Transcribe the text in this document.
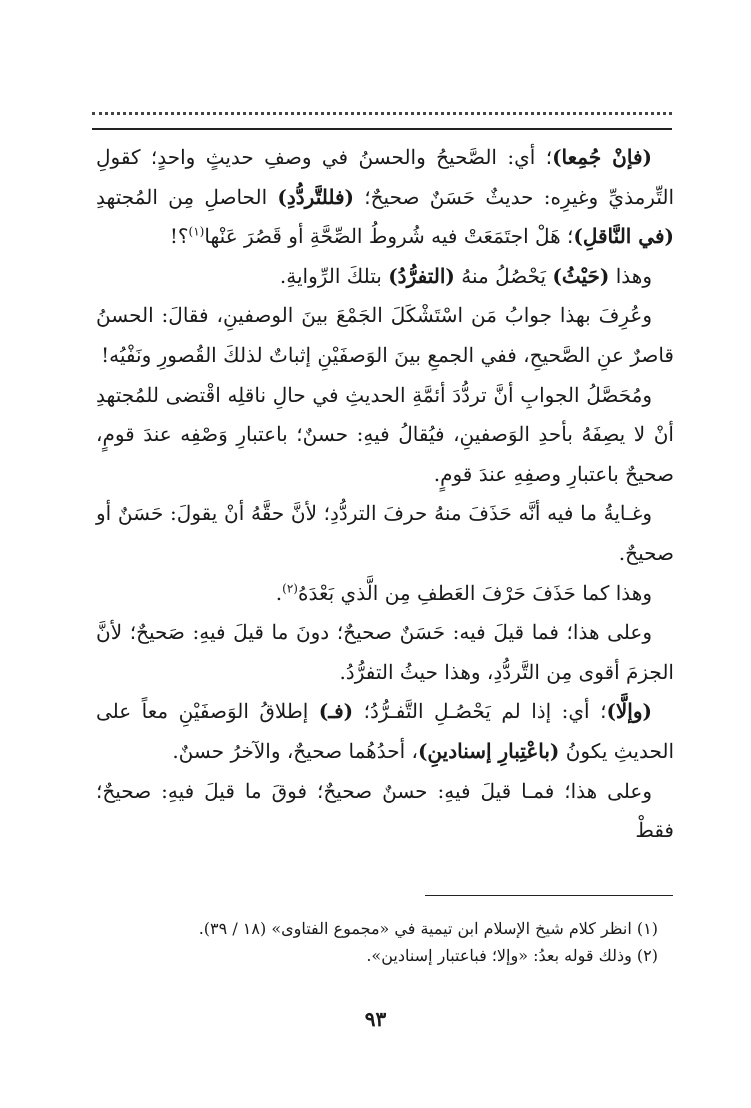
(فإنْ جُمِعا)؛ أي: الصَّحيحُ والحسنُ في وصفِ حديثٍ واحدٍ؛ كقولِ التِّرمذيِّ وغيرِه: حديثٌ حَسَنٌ صحيحٌ؛ (فللتَّردُّدِ) الحاصلِ مِن المُجتهدِ (في النَّاقلِ)؛ هَلْ اجتَمَعَتْ فيه شُروطُ الصِّحَّةِ أو قَصُرَ عَنْها$^{(١)}$؟!

وهذا (حَيْثُ) يَحْصُلُ منهُ (التفرُّدُ) بتلكَ الرِّوايةِ.

وعُرِفَ بهذا جوابُ مَن اسْتَشْكَلَ الجَمْعَ بينَ الوصفينِ، فقالَ: الحسنُ قاصرٌ عنِ الصَّحيحِ، ففي الجمعِ بينَ الوَصفَيْنِ إثباتٌ لذلكَ القُصورِ ونَفْيُه!

ومُحَصَّلُ الجوابِ أنَّ تردُّدَ أئمَّةِ الحديثِ في حالِ ناقلِه اقْتضى للمُجتهدِ أنْ لا يصِفَهُ بأحدِ الوَصفينِ، فيُقالُ فيهِ: حسنٌ؛ باعتبارِ وَصْفِه عندَ قومٍ، صحيحٌ باعتبارِ وصفِهِ عندَ قومٍ.

وغـايةُ ما فيه أنَّه حَذَفَ منهُ حرفَ التردُّدِ؛ لأنَّ حقَّهُ أنْ يقولَ: حَسَنٌ أو صحيحٌ.

وهذا كما حَذَفَ حَرْفَ العَطفِ مِن الَّذي بَعْدَهُ$^{(٢)}$.

وعلى هذا؛ فما قيلَ فيه: حَسَنٌ صحيحٌ؛ دونَ ما قيلَ فيهِ: صَحيحٌ؛ لأنَّ الجزمَ أقوى مِن التَّردُّدِ، وهذا حيثُ التفرُّدُ.

(وإلَّا)؛ أي: إذا لم يَحْصُـلِ التَّفـرُّدُ؛ (فـ) إطلاقُ الوَصفَيْنِ معاً على الحديثِ يكونُ (باعْتِبارِ إسنادينِ)، أحدُهُما صحيحٌ، والآخرُ حسنٌ.

وعلى هذا؛ فمـا قيلَ فيهِ: حسنٌ صحيحٌ؛ فوقَ ما قيلَ فيهِ: صحيحٌ؛ فقطْ

(١) انظر كلام شيخ الإسلام ابن تيمية في «مجموع الفتاوى» (١٨ / ٣٩).

(٢) وذلك قوله بعدُ: «وإلا؛ فباعتبار إسنادين».

٩٣
